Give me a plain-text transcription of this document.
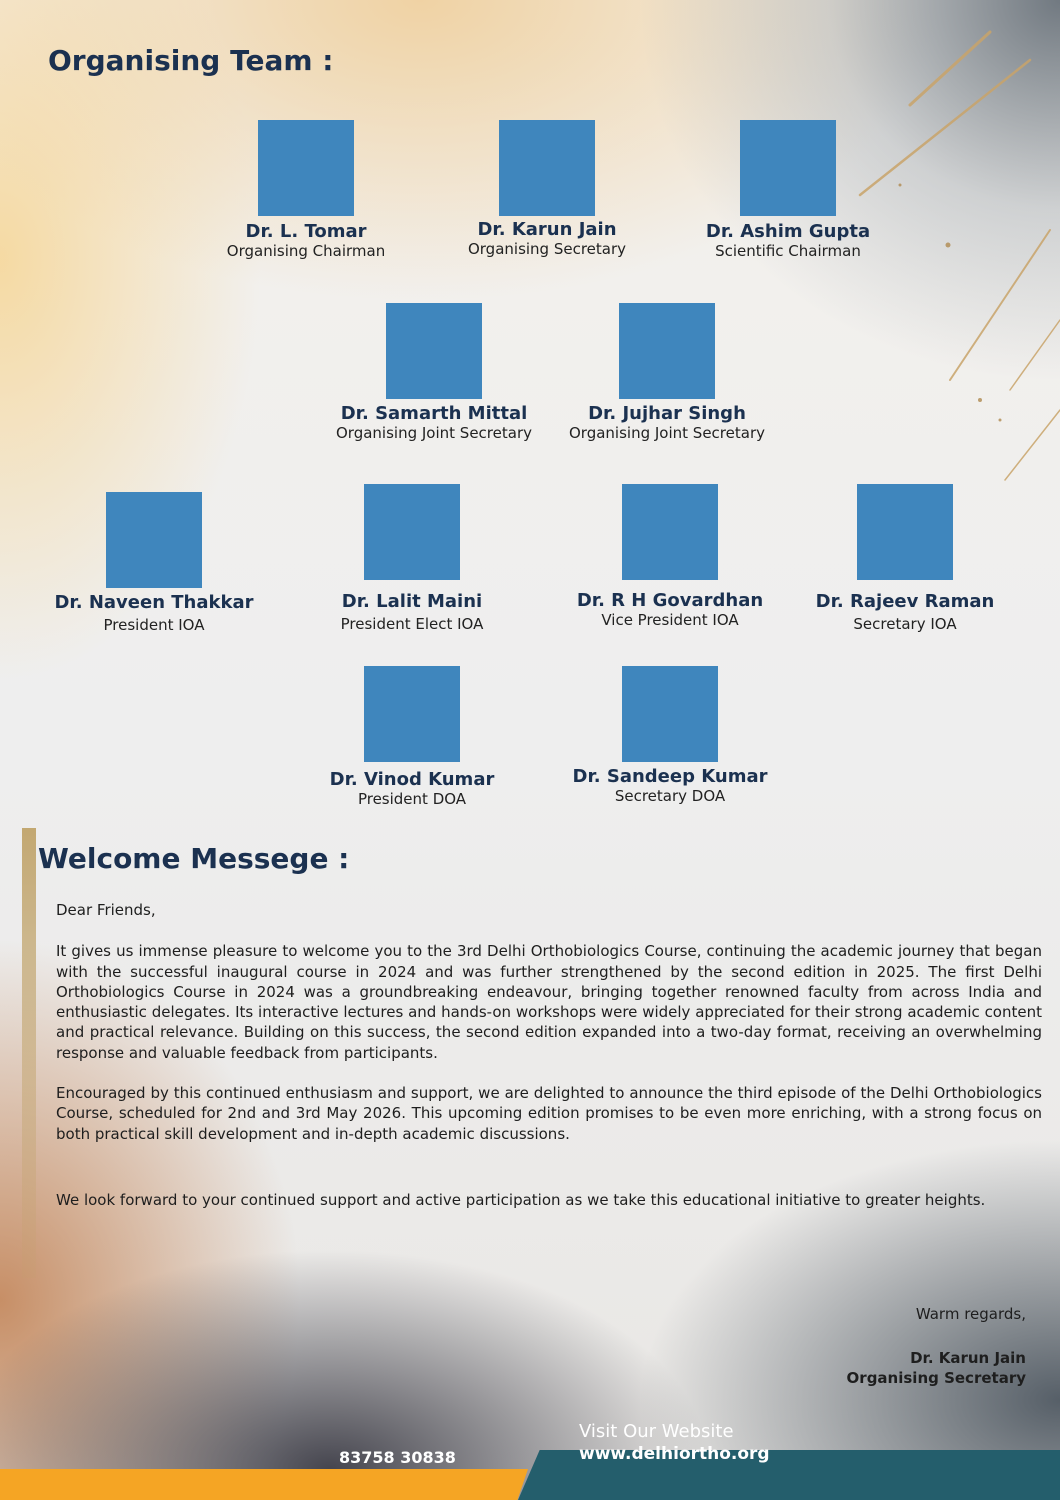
Organising Team :
Dr. L. Tomar
Organising Chairman
Dr. Karun Jain
Organising Secretary
Dr. Ashim Gupta
Scientific Chairman
Dr. Samarth Mittal
Organising Joint Secretary
Dr. Jujhar Singh
Organising Joint Secretary
Dr. Naveen Thakkar
President IOA
Dr. Lalit Maini
President Elect IOA
Dr. R H Govardhan
Vice President IOA
Dr. Rajeev Raman
Secretary IOA
Dr. Vinod Kumar
President DOA
Dr. Sandeep Kumar
Secretary DOA
Welcome Messege :

Dear Friends,

It gives us immense pleasure to welcome you to the 3rd Delhi Orthobiologics Course, continuing the academic journey that began with the successful inaugural course in 2024 and was further strengthened by the second edition in 2025. The first Delhi Orthobiologics Course in 2024 was a groundbreaking endeavour, bringing together renowned faculty from across India and enthusiastic delegates. Its interactive lectures and hands-on workshops were widely appreciated for their strong academic content and practical relevance. Building on this success, the second edition expanded into a two-day format, receiving an overwhelming response and valuable feedback from participants.

Encouraged by this continued enthusiasm and support, we are delighted to announce the third episode of the Delhi Orthobiologics Course, scheduled for 2nd and 3rd May 2026. This upcoming edition promises to be even more enriching, with a strong focus on both practical skill development and in-depth academic discussions.

We look forward to your continued support and active participation as we take this educational initiative to greater heights.

Warm regards,
Dr. Karun Jain
Organising Secretary
83758 30838
Visit Our Website
www.delhiortho.org
